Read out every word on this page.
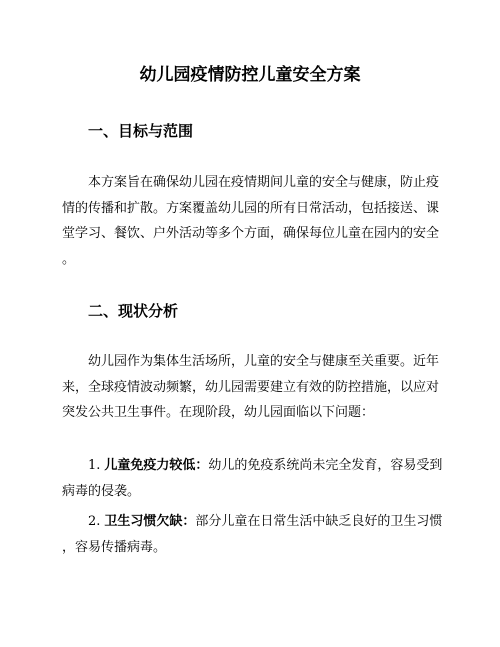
幼儿园疫情防控儿童安全方案
一、目标与范围
本方案旨在确保幼儿园在疫情期间儿童的安全与健康，防止疫
情的传播和扩散。方案覆盖幼儿园的所有日常活动，包括接送、课
堂学习、餐饮、户外活动等多个方面，确保每位儿童在园内的安全
。
二、现状分析
幼儿园作为集体生活场所，儿童的安全与健康至关重要。近年
来，全球疫情波动频繁，幼儿园需要建立有效的防控措施，以应对
突发公共卫生事件。在现阶段，幼儿园面临以下问题：
1. 儿童免疫力较低：幼儿的免疫系统尚未完全发育，容易受到
病毒的侵袭。
2. 卫生习惯欠缺：部分儿童在日常生活中缺乏良好的卫生习惯
，容易传播病毒。
